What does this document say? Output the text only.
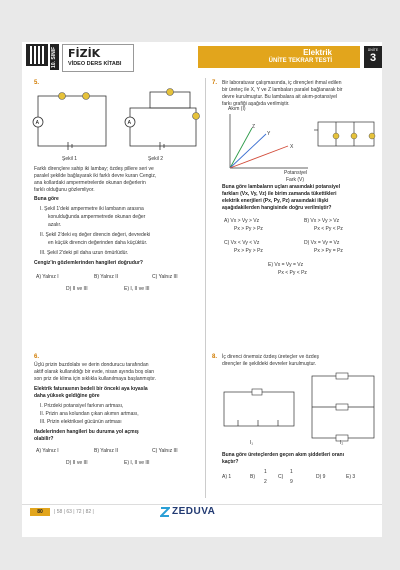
10. SINIF FİZİK
VİDEO DERS KİTABI
Elektrik
ÜNİTE TEKRAR TESTİ
ÜNİTE
3
5.
A	A
Şekil 1	Şekil 2
Farklı dirençlere sahip iki lambay; özdeş pillere seri ve
paralel şekilde bağlayarak iki farklı devre kuran Cengiz,
ana kollardaki ampermetrelerde okunan değerlerin
farklı olduğunu gözlemliyor.
Buna göre
I. Şekil 1'deki ampermetre iki lambanın arasına
konulduğunda ampermetrede okunan değer
azalır.
II. Şekil 2'deki eş değer direncin değeri, devredeki
en küçük direncin değerinden daha küçüktür.
III. Şekil 2'deki pil daha uzun ömürlüdür.
Cengiz'in gözlemlerinden hangileri doğrudur?
A) Yalnız I	B) Yalnız II	C) Yalnız III
D) II ve III	E) I, II ve III
6.
Üçlü prizin buzdolabı ve derin dondurucu tarafından
aktif olarak kullanıldığı bir evde, nisan ayında boş olan
son priz de klima için sıklıkla kullanılmaya başlanmıştır.
Elektrik faturasının bedeli bir önceki aya kıyasla
daha yüksek geldiğine göre
I. Prizdeki potansiyel farkının artması,
II. Prizin ana kolundan çıkan akımın artması,
III. Prizin elektriksel gücünün artması
ifadelerinden hangileri bu duruma yol açmış
olabilir?
A) Yalnız I	B) Yalnız II	C) Yalnız III
D) II ve III	E) I, II ve III
7. Bir laboratuvar çalışmasında, iç dirençleri ihmal edilen
bir üreteç ile X, Y ve Z lambaları paralel bağlanarak bir
devre kurulmuştur. Bu lambalara ait akım-potansiyel
farkı grafiği aşağıda verilmiştir.
Akım (I)
Z
Y
X
Potansiyel
Fark (V)
Buna göre lambaların uçları arasındaki potansiyel
farkları (Vx, Vy, Vz) ile birim zamanda tükettikleri
elektrik enerjileri (Px, Py, Pz) arasındaki ilişki
aşağıdakilerden hangisinde doğru verilmiştir?
A) Vx > Vy > Vz
Px > Py > Pz
B) Vx > Vy > Vz
Px < Py < Pz
C) Vx < Vy < Vz
Px > Py > Pz
D) Vx = Vy = Vz
Px > Py = Pz
E) Vx = Vy = Vz
Px < Py < Pz
8. İç direnci önemsiz özdeş üreteçler ve özdeş
dirençler ile şekildeki devreler kurulmuştur.
I₁	I₂
Buna göre üreteçlerden geçen akım şiddetleri oranı
kaçtır?
A) 1	B)
1
2
C)
1
9
D) 9	E) 3
80	| 58 | 63 | 72 | 82 |	ZEDUVA
